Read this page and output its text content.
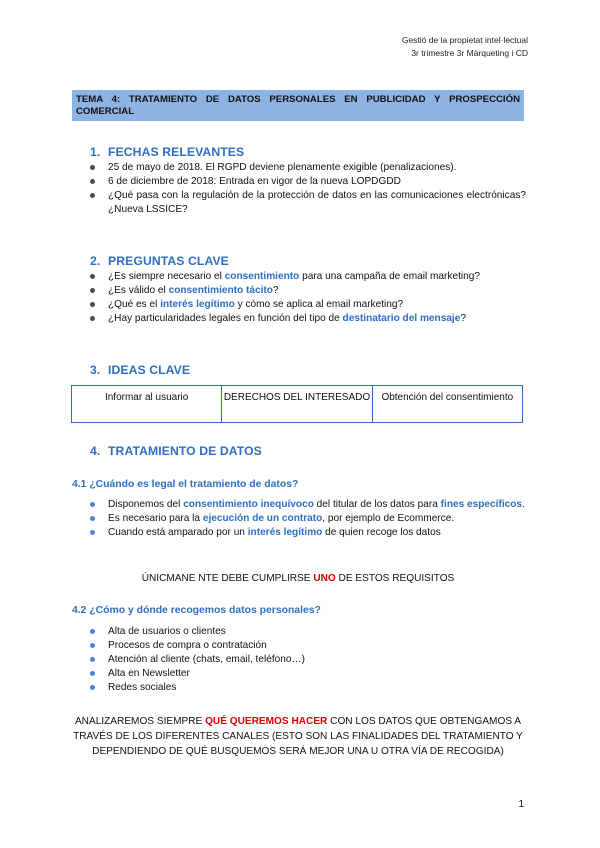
Gestió de la propietat intel·lectual
3r trimestre 3r Màrqueting i CD
TEMA 4: TRATAMIENTO DE DATOS PERSONALES EN PUBLICIDAD Y PROSPECCIÓN COMERCIAL
1. FECHAS RELEVANTES
25 de mayo de 2018. El RGPD deviene plenamente exigible (penalizaciones).
6 de diciembre de 2018: Entrada en vigor de la nueva LOPDGDD
¿Qué pasa con la regulación de la protección de datos en las comunicaciones electrónicas? ¿Nueva LSSICE?
2. PREGUNTAS CLAVE
¿Es siempre necesario el consentimiento para una campaña de email marketing?
¿Es válido el consentimiento tácito?
¿Qué es el interés legítimo y cómo se aplica al email marketing?
¿Hay particularidades legales en función del tipo de destinatario del mensaje?
3. IDEAS CLAVE
Informar al usuario	DERECHOS DEL INTERESADO	Obtención del consentimiento
4. TRATAMIENTO DE DATOS
4.1 ¿Cuándo es legal el tratamiento de datos?
Disponemos del consentimiento inequívoco del titular de los datos para fines específicos.
Es necesario para la ejecución de un contrato, por ejemplo de Ecommerce.
Cuando está amparado por un interés legítimo de quien recoge los datos
ÚNICMANE NTE DEBE CUMPLIRSE UNO DE ESTOS REQUISITOS
4.2 ¿Cómo y dónde recogemos datos personales?
Alta de usuarios o clientes
Procesos de compra o contratación
Atención al cliente (chats, email, teléfono…)
Alta en Newsletter
Redes sociales
ANALIZAREMOS SIEMPRE QUÉ QUEREMOS HACER CON LOS DATOS QUE OBTENGAMOS A TRAVÉS DE LOS DIFERENTES CANALES (ESTO SON LAS FINALIDADES DEL TRATAMIENTO Y DEPENDIENDO DE QUÉ BUSQUEMOS SERÁ MEJOR UNA U OTRA VÍA DE RECOGIDA)
1
